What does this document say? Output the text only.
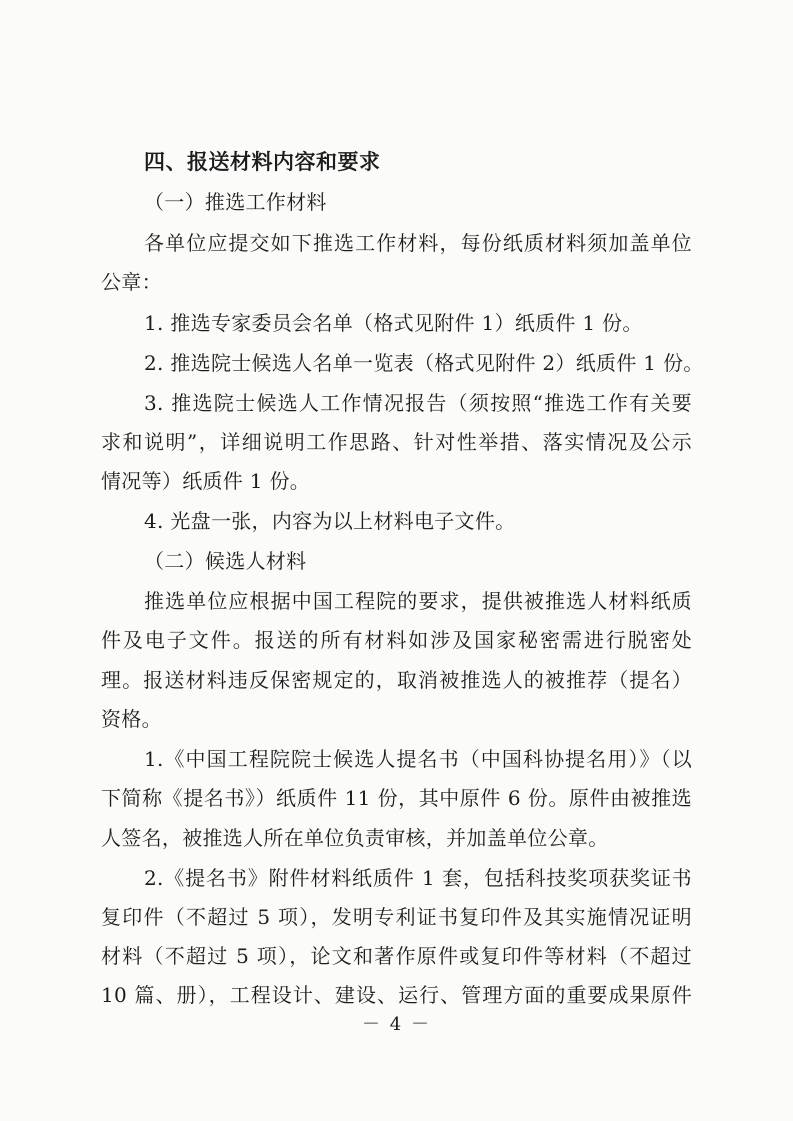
四、报送材料内容和要求
（一）推选工作材料
各单位应提交如下推选工作材料，每份纸质材料须加盖单位
公章：
1. 推选专家委员会名单（格式见附件 1）纸质件 1 份。
2. 推选院士候选人名单一览表（格式见附件 2）纸质件 1 份。
3. 推选院士候选人工作情况报告（须按照“推选工作有关要
求和说明”，详细说明工作思路、针对性举措、落实情况及公示
情况等）纸质件 1 份。
4. 光盘一张，内容为以上材料电子文件。
（二）候选人材料
推选单位应根据中国工程院的要求，提供被推选人材料纸质
件及电子文件。报送的所有材料如涉及国家秘密需进行脱密处
理。报送材料违反保密规定的，取消被推选人的被推荐（提名）
资格。
1.《中国工程院院士候选人提名书（中国科协提名用）》（以
下简称《提名书》）纸质件 11 份，其中原件 6 份。原件由被推选
人签名，被推选人所在单位负责审核，并加盖单位公章。
2.《提名书》附件材料纸质件 1 套，包括科技奖项获奖证书
复印件（不超过 5 项），发明专利证书复印件及其实施情况证明
材料（不超过 5 项），论文和著作原件或复印件等材料（不超过
10 篇、册），工程设计、建设、运行、管理方面的重要成果原件
－ 4 －
